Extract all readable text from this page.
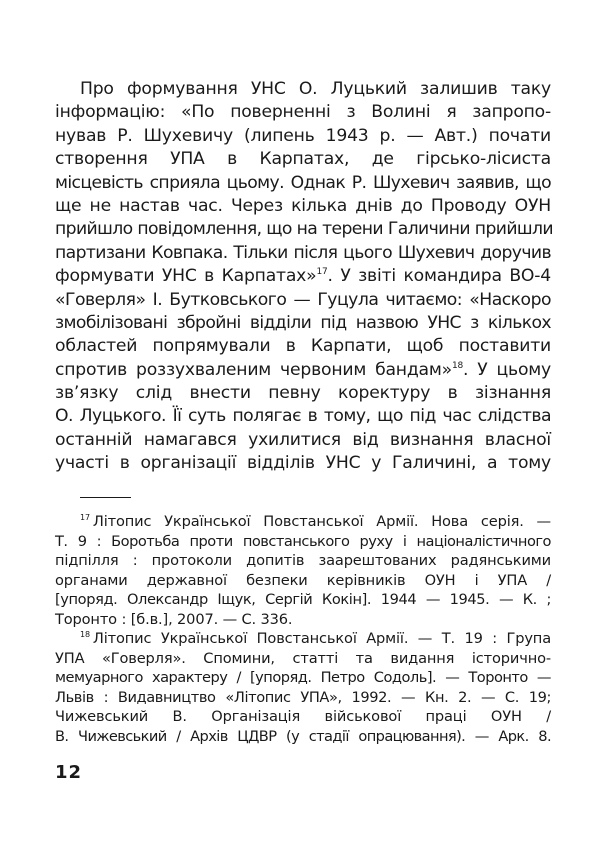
Про формування УНС О. Луцький залишив таку
інформацію: «По поверненні з Волині я запропо-
нував Р. Шухевичу (липень 1943 р. — Авт.) почати
створення УПА в Карпатах, де гірсько-лісиста
місцевість сприяла цьому. Однак Р. Шухевич заявив, що
ще не настав час. Через кілька днів до Проводу ОУН
прийшло повідомлення, що на терени Галичини прийшли
партизани Ковпака. Тільки після цього Шухевич доручив
формувати УНС в Карпатах»$^{17}$. У звіті командира ВО-4
«Говерля» І. Бутковського — Гуцула читаємо: «Наскоро
змобілізовані збройні відділи під назвою УНС з кількох
областей попрямували в Карпати, щоб поставити
спротив роззухваленим червоним бандам»$^{18}$. У цьому
зв’язку слід внести певну коректуру в зізнання
О. Луцького. Її суть полягає в тому, що під час слідства
останній намагався ухилитися від визнання власної
участі в організації відділів УНС у Галичині, а тому
$^{17}$ Літопис Української Повстанської Армії. Нова серія. —
Т. 9 : Боротьба проти повстанського руху і націоналістичного
підпілля : протоколи допитів заарештованих радянськими
органами державної безпеки керівників ОУН і УПА /
[упоряд. Олександр Іщук, Сергій Кокін]. 1944 — 1945. — К. ;
Торонто : [б.в.], 2007. — С. 336.
$^{18}$ Літопис Української Повстанської Армії. — Т. 19 : Група
УПА «Говерля». Спомини, статті та видання історично-
мемуарного характеру / [упоряд. Петро Содоль]. — Торонто —
Львів : Видавництво «Літопис УПА», 1992. — Кн. 2. — С. 19;
Чижевський В. Організація військової праці ОУН /
В. Чижевський / Архів ЦДВР (у стадії опрацювання). — Арк. 8.
12
